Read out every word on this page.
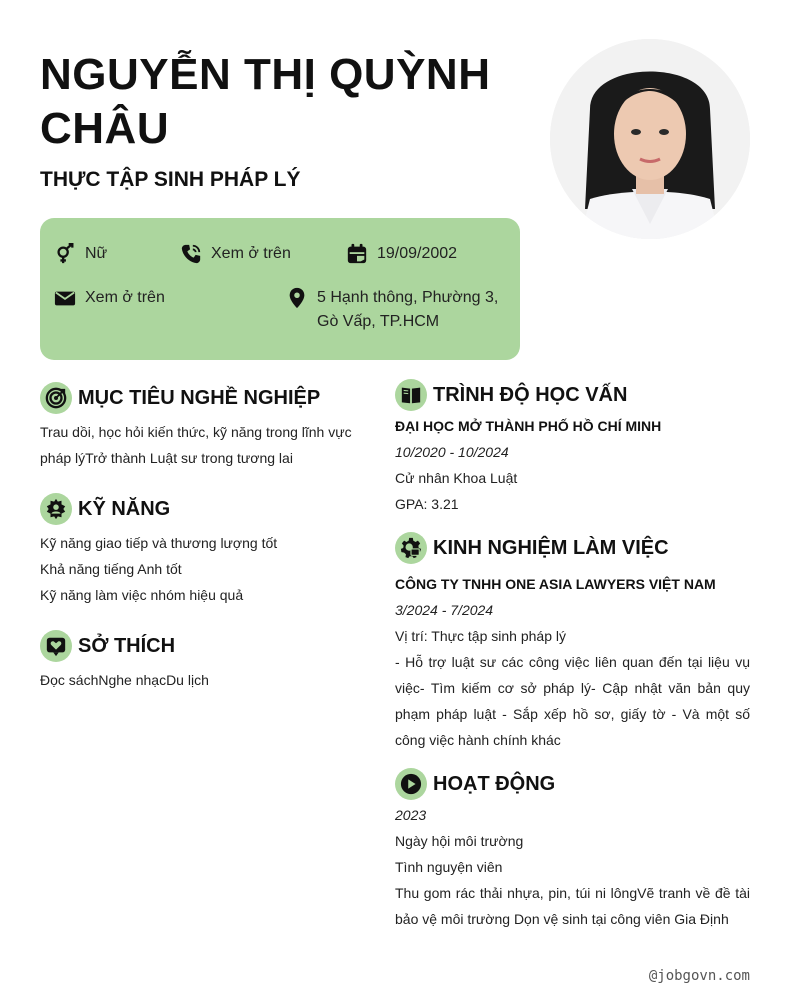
NGUYỄN THỊ QUỲNH CHÂU
THỰC TẬP SINH PHÁP LÝ
Nữ	Xem ở trên	19/09/2002
Xem ở trên	5 Hạnh thông, Phường 3, Gò Vấp, TP.HCM
MỤC TIÊU NGHỀ NGHIỆP
Trau dồi, học hỏi kiến thức, kỹ năng trong lĩnh vực
pháp lýTrở thành Luật sư trong tương lai
KỸ NĂNG
Kỹ năng giao tiếp và thương lượng tốt
Khả năng tiếng Anh tốt
Kỹ năng làm việc nhóm hiệu quả
SỞ THÍCH
Đọc sáchNghe nhạcDu lịch
TRÌNH ĐỘ HỌC VẤN
ĐẠI HỌC MỞ THÀNH PHỐ HỒ CHÍ MINH
10/2020 - 10/2024
Cử nhân Khoa Luật
GPA: 3.21
KINH NGHIỆM LÀM VIỆC
CÔNG TY TNHH ONE ASIA LAWYERS VIỆT NAM
3/2024 - 7/2024
Vị trí: Thực tập sinh pháp lý
- Hỗ trợ luật sư các công việc liên quan đến tại liệu vụ việc- Tìm kiếm cơ sở pháp lý- Cập nhật văn bản quy phạm pháp luật - Sắp xếp hồ sơ, giấy tờ - Và một số công việc hành chính khác
HOẠT ĐỘNG
2023
Ngày hội môi trường
Tình nguyện viên
Thu gom rác thải nhựa, pin, túi ni lôngVẽ tranh về đề tài bảo vệ môi trường Dọn vệ sinh tại công viên Gia Định
@jobgovn.com
